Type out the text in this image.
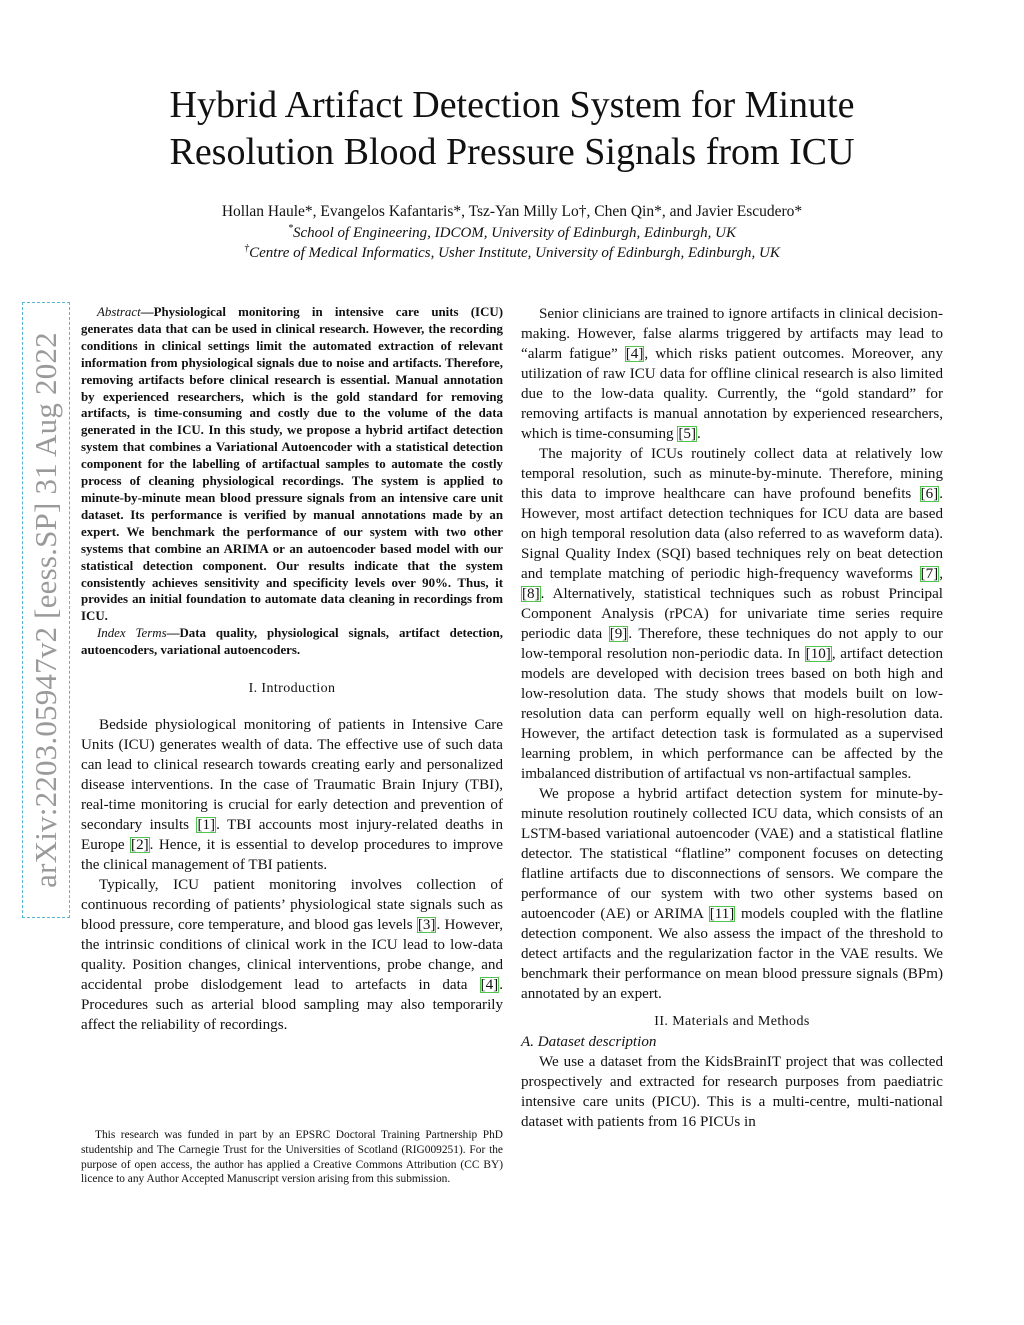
arXiv:2203.05947v2 [eess.SP] 31 Aug 2022
Hybrid Artifact Detection System for Minute Resolution Blood Pressure Signals from ICU
Hollan Haule*, Evangelos Kafantaris*, Tsz-Yan Milly Lo†, Chen Qin*, and Javier Escudero*
*School of Engineering, IDCOM, University of Edinburgh, Edinburgh, UK
†Centre of Medical Informatics, Usher Institute, University of Edinburgh, Edinburgh, UK

Abstract—Physiological monitoring in intensive care units (ICU) generates data that can be used in clinical research. However, the recording conditions in clinical settings limit the automated extraction of relevant information from physiological signals due to noise and artifacts. Therefore, removing artifacts before clinical research is essential. Manual annotation by experienced researchers, which is the gold standard for removing artifacts, is time-consuming and costly due to the volume of the data generated in the ICU. In this study, we propose a hybrid artifact detection system that combines a Variational Autoencoder with a statistical detection component for the labelling of artifactual samples to automate the costly process of cleaning physiological recordings. The system is applied to minute-by-minute mean blood pressure signals from an intensive care unit dataset. Its performance is verified by manual annotations made by an expert. We benchmark the performance of our system with two other systems that combine an ARIMA or an autoencoder based model with our statistical detection component. Our results indicate that the system consistently achieves sensitivity and specificity levels over 90%. Thus, it provides an initial foundation to automate data cleaning in recordings from ICU.

Index Terms—Data quality, physiological signals, artifact detection, autoencoders, variational autoencoders.

I. Introduction

Bedside physiological monitoring of patients in Intensive Care Units (ICU) generates wealth of data. The effective use of such data can lead to clinical research towards creating early and personalized disease interventions. In the case of Traumatic Brain Injury (TBI), real-time monitoring is crucial for early detection and prevention of secondary insults [1]. TBI accounts most injury-related deaths in Europe [2]. Hence, it is essential to develop procedures to improve the clinical management of TBI patients.

Typically, ICU patient monitoring involves collection of continuous recording of patients’ physiological state signals such as blood pressure, core temperature, and blood gas levels [3]. However, the intrinsic conditions of clinical work in the ICU lead to low-data quality. Position changes, clinical interventions, probe change, and accidental probe dislodgement lead to artefacts in data [4]. Procedures such as arterial blood sampling may also temporarily affect the reliability of recordings.

This research was funded in part by an EPSRC Doctoral Training Partnership PhD studentship and The Carnegie Trust for the Universities of Scotland (RIG009251). For the purpose of open access, the author has applied a Creative Commons Attribution (CC BY) licence to any Author Accepted Manuscript version arising from this submission.

Senior clinicians are trained to ignore artifacts in clinical decision-making. However, false alarms triggered by artifacts may lead to “alarm fatigue” [4], which risks patient outcomes. Moreover, any utilization of raw ICU data for offline clinical research is also limited due to the low-data quality. Currently, the “gold standard” for removing artifacts is manual annotation by experienced researchers, which is time-consuming [5].

The majority of ICUs routinely collect data at relatively low temporal resolution, such as minute-by-minute. Therefore, mining this data to improve healthcare can have profound benefits [6]. However, most artifact detection techniques for ICU data are based on high temporal resolution data (also referred to as waveform data). Signal Quality Index (SQI) based techniques rely on beat detection and template matching of periodic high-frequency waveforms [7], [8]. Alternatively, statistical techniques such as robust Principal Component Analysis (rPCA) for univariate time series require periodic data [9]. Therefore, these techniques do not apply to our low-temporal resolution non-periodic data. In [10], artifact detection models are developed with decision trees based on both high and low-resolution data. The study shows that models built on low-resolution data can perform equally well on high-resolution data. However, the artifact detection task is formulated as a supervised learning problem, in which performance can be affected by the imbalanced distribution of artifactual vs non-artifactual samples.

We propose a hybrid artifact detection system for minute-by-minute resolution routinely collected ICU data, which consists of an LSTM-based variational autoencoder (VAE) and a statistical flatline detector. The statistical “flatline” component focuses on detecting flatline artifacts due to disconnections of sensors. We compare the performance of our system with two other systems based on autoencoder (AE) or ARIMA [11] models coupled with the flatline detection component. We also assess the impact of the threshold to detect artifacts and the regularization factor in the VAE results. We benchmark their performance on mean blood pressure signals (BPm) annotated by an expert.

II. Materials and Methods
A. Dataset description

We use a dataset from the KidsBrainIT project that was collected prospectively and extracted for research purposes from paediatric intensive care units (PICU). This is a multi-centre, multi-national dataset with patients from 16 PICUs in
